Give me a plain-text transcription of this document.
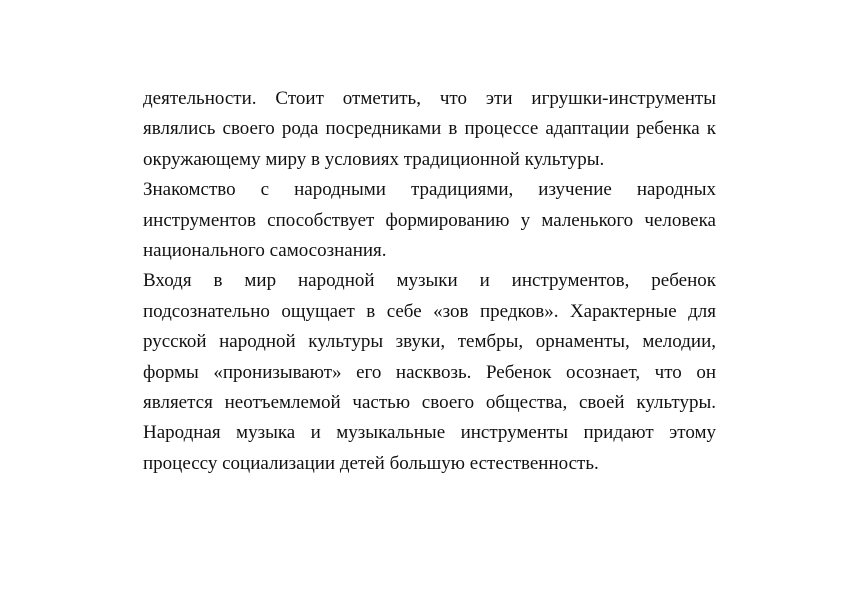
деятельности. Стоит отметить, что эти игрушки-инструменты являлись своего рода посредниками в процессе адаптации ребенка к окружающему миру в условиях традиционной культуры.

Знакомство с народными традициями, изучение народных инструментов способствует формированию у маленького человека национального самосознания.

Входя в мир народной музыки и инструментов, ребенок подсознательно ощущает в себе «зов предков». Характерные для русской народной культуры звуки, тембры, орнаменты, мелодии, формы «пронизывают» его насквозь. Ребенок осознает, что он является неотъемлемой частью своего общества, своей культуры. Народная музыка и музыкальные инструменты придают этому процессу социализации детей большую естественность.
